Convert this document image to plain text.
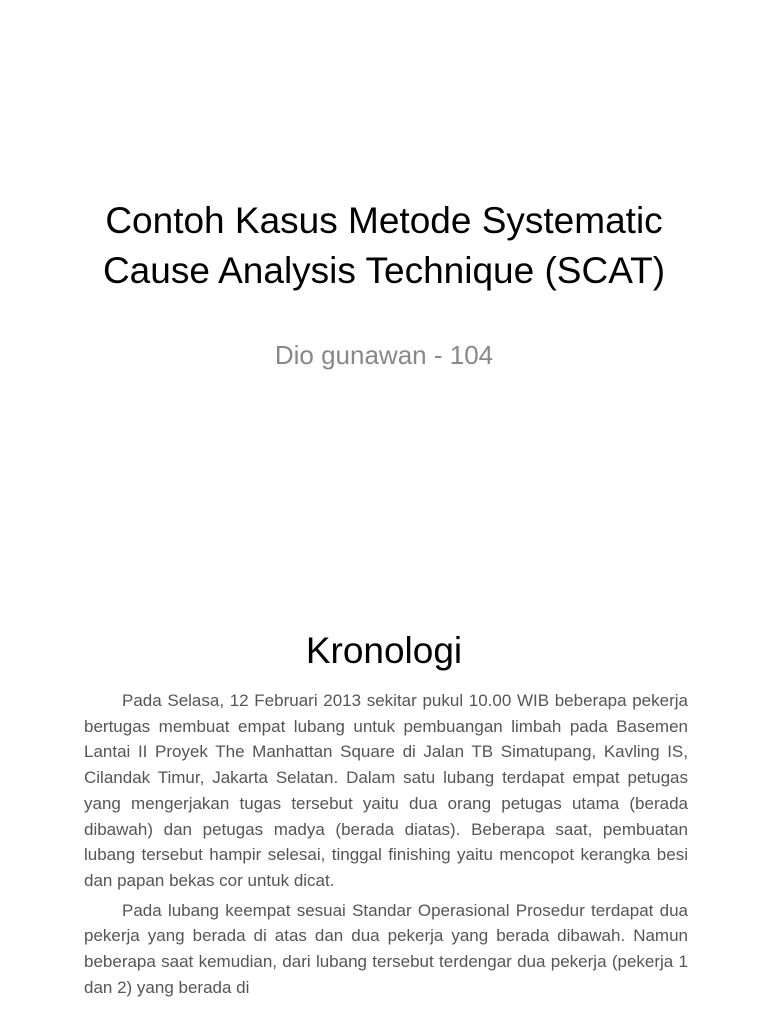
Contoh Kasus Metode Systematic
Cause Analysis Technique (SCAT)
Dio gunawan - 104
Kronologi

Pada Selasa, 12 Februari 2013 sekitar pukul 10.00 WIB beberapa pekerja bertugas membuat empat lubang untuk pembuangan limbah pada Basemen Lantai II Proyek The Manhattan Square di Jalan TB Simatupang, Kavling IS, Cilandak Timur, Jakarta Selatan. Dalam satu lubang terdapat empat petugas yang mengerjakan tugas tersebut yaitu dua orang petugas utama (berada dibawah) dan petugas madya (berada diatas). Beberapa saat, pembuatan lubang tersebut hampir selesai, tinggal finishing yaitu mencopot kerangka besi dan papan bekas cor untuk dicat.

Pada lubang keempat sesuai Standar Operasional Prosedur terdapat dua pekerja yang berada di atas dan dua pekerja yang berada dibawah. Namun beberapa saat kemudian, dari lubang tersebut terdengar dua pekerja (pekerja 1 dan 2) yang berada di
